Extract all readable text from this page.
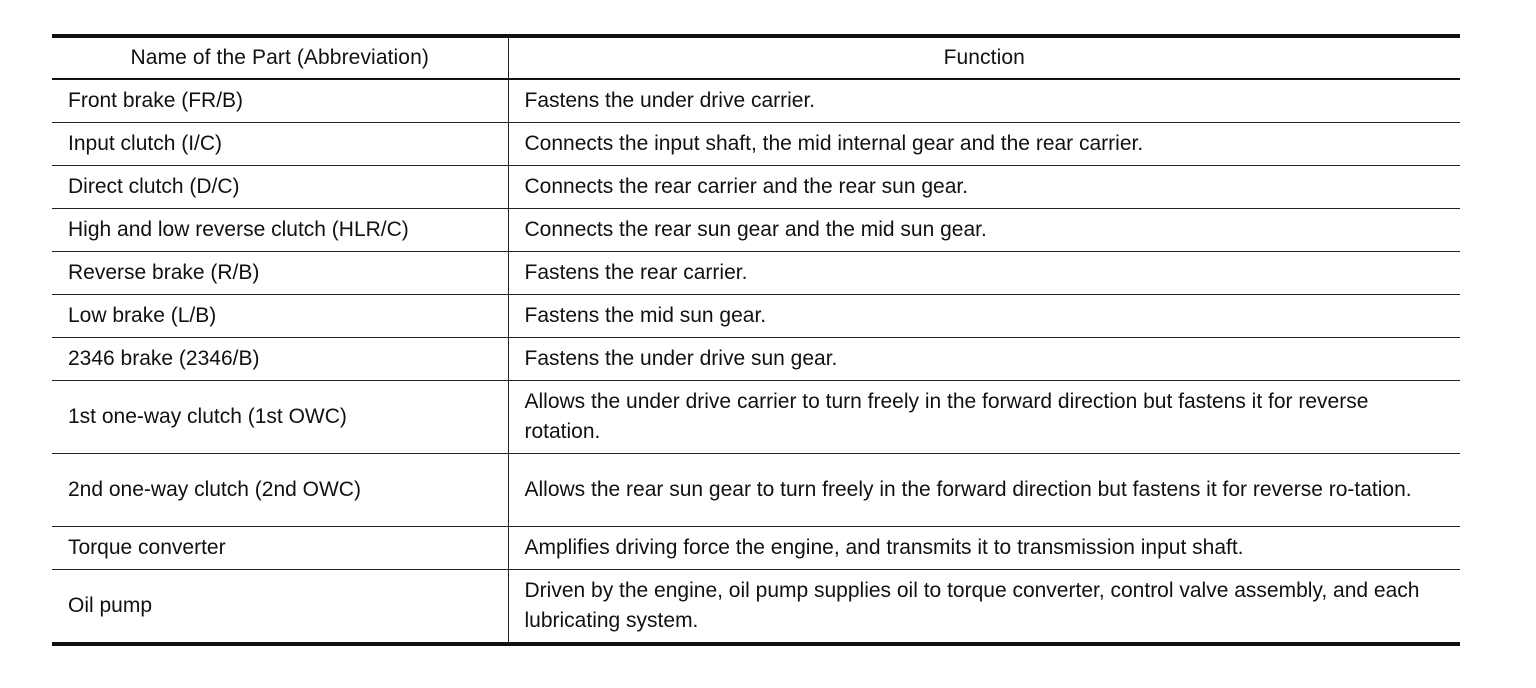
Name of the Part (Abbreviation)	Function
Front brake (FR/B)	Fastens the under drive carrier.
Input clutch (I/C)	Connects the input shaft, the mid internal gear and the rear carrier.
Direct clutch (D/C)	Connects the rear carrier and the rear sun gear.
High and low reverse clutch (HLR/C)	Connects the rear sun gear and the mid sun gear.
Reverse brake (R/B)	Fastens the rear carrier.
Low brake (L/B)	Fastens the mid sun gear.
2346 brake (2346/B)	Fastens the under drive sun gear.
1st one-way clutch (1st OWC)	Allows the under drive carrier to turn freely in the forward direction but fastens it for reverse rotation.
2nd one-way clutch (2nd OWC)	Allows the rear sun gear to turn freely in the forward direction but fastens it for reverse ro-tation.
Torque converter	Amplifies driving force the engine, and transmits it to transmission input shaft.
Oil pump	Driven by the engine, oil pump supplies oil to torque converter, control valve assembly, and each lubricating system.
